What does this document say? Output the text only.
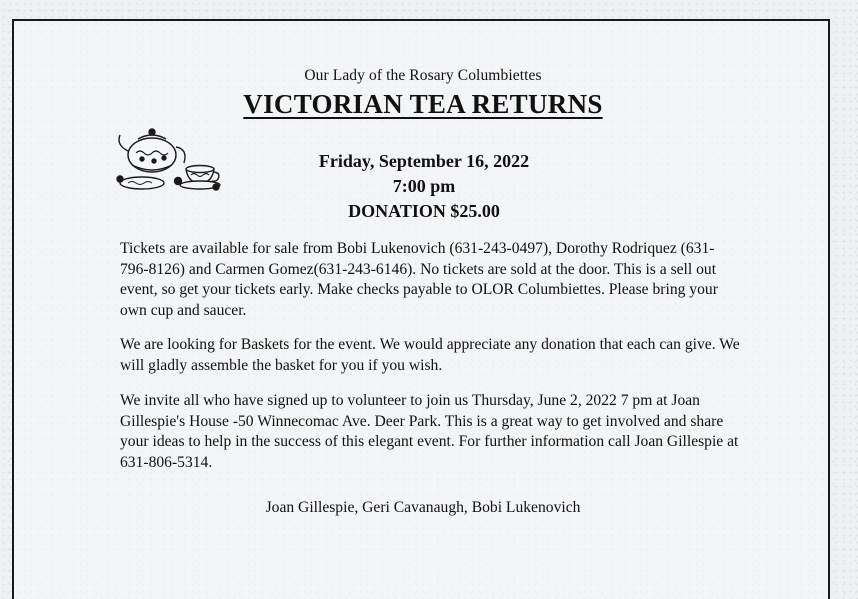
Our Lady of the Rosary Columbiettes
VICTORIAN TEA RETURNS
Friday, September 16, 2022
7:00 pm
DONATION $25.00

Tickets are available for sale from Bobi Lukenovich (631-243-0497), Dorothy Rodriquez (631-796-8126) and Carmen Gomez(631-243-6146). No tickets are sold at the door. This is a sell out event, so get your tickets early. Make checks payable to OLOR Columbiettes. Please bring your own cup and saucer.

We are looking for Baskets for the event. We would appreciate any donation that each can give. We will gladly assemble the basket for you if you wish.

We invite all who have signed up to volunteer to join us Thursday, June 2, 2022 7 pm at Joan Gillespie's House -50 Winnecomac Ave. Deer Park. This is a great way to get involved and share your ideas to help in the success of this elegant event. For further information call Joan Gillespie at 631-806-5314.

Joan Gillespie, Geri Cavanaugh, Bobi Lukenovich
